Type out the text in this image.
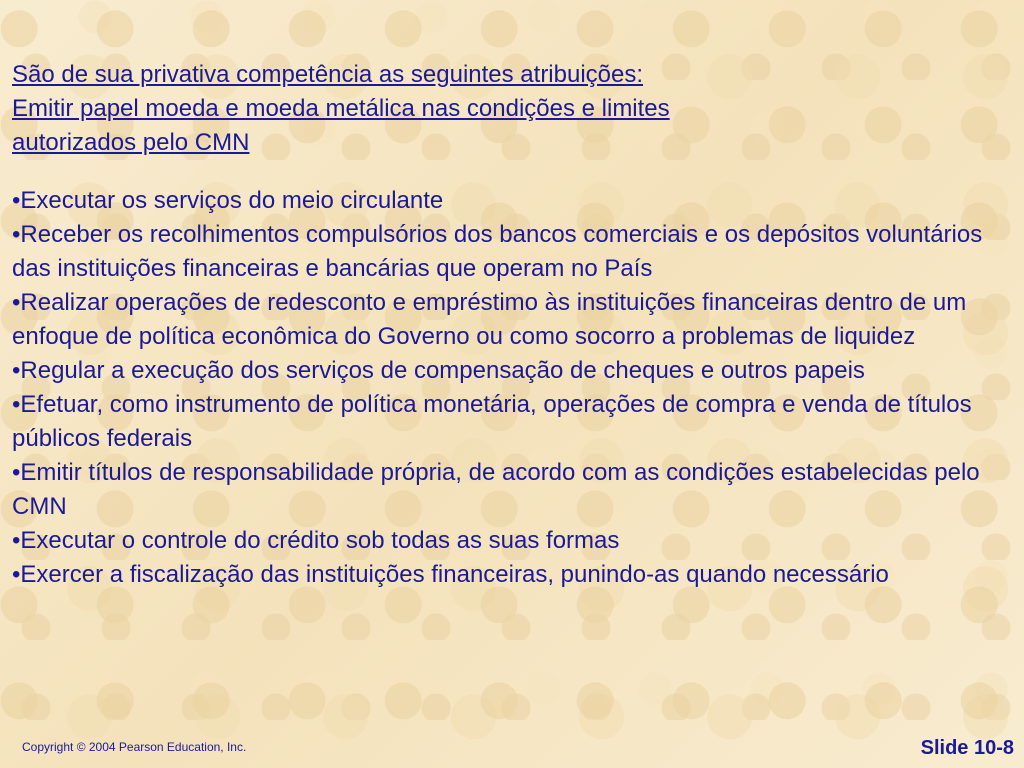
São de sua privativa competência as seguintes atribuições:
Emitir papel moeda e moeda metálica nas condições e limites
autorizados pelo CMN

•Executar os serviços do meio circulante
•Receber os recolhimentos compulsórios dos bancos comerciais e os depósitos voluntários das instituições financeiras e bancárias que operam no País
•Realizar operações de redesconto e empréstimo às instituições financeiras dentro de um enfoque de política econômica do Governo ou como socorro a problemas de liquidez
•Regular a execução dos serviços de compensação de cheques e outros papeis
•Efetuar, como instrumento de política monetária, operações de compra e venda de títulos públicos federais
•Emitir títulos de responsabilidade própria, de acordo com as condições estabelecidas pelo CMN
•Executar o controle do crédito sob todas as suas formas
•Exercer a fiscalização das instituições financeiras, punindo-as quando necessário
Copyright © 2004 Pearson Education, Inc.	Slide 10-8
